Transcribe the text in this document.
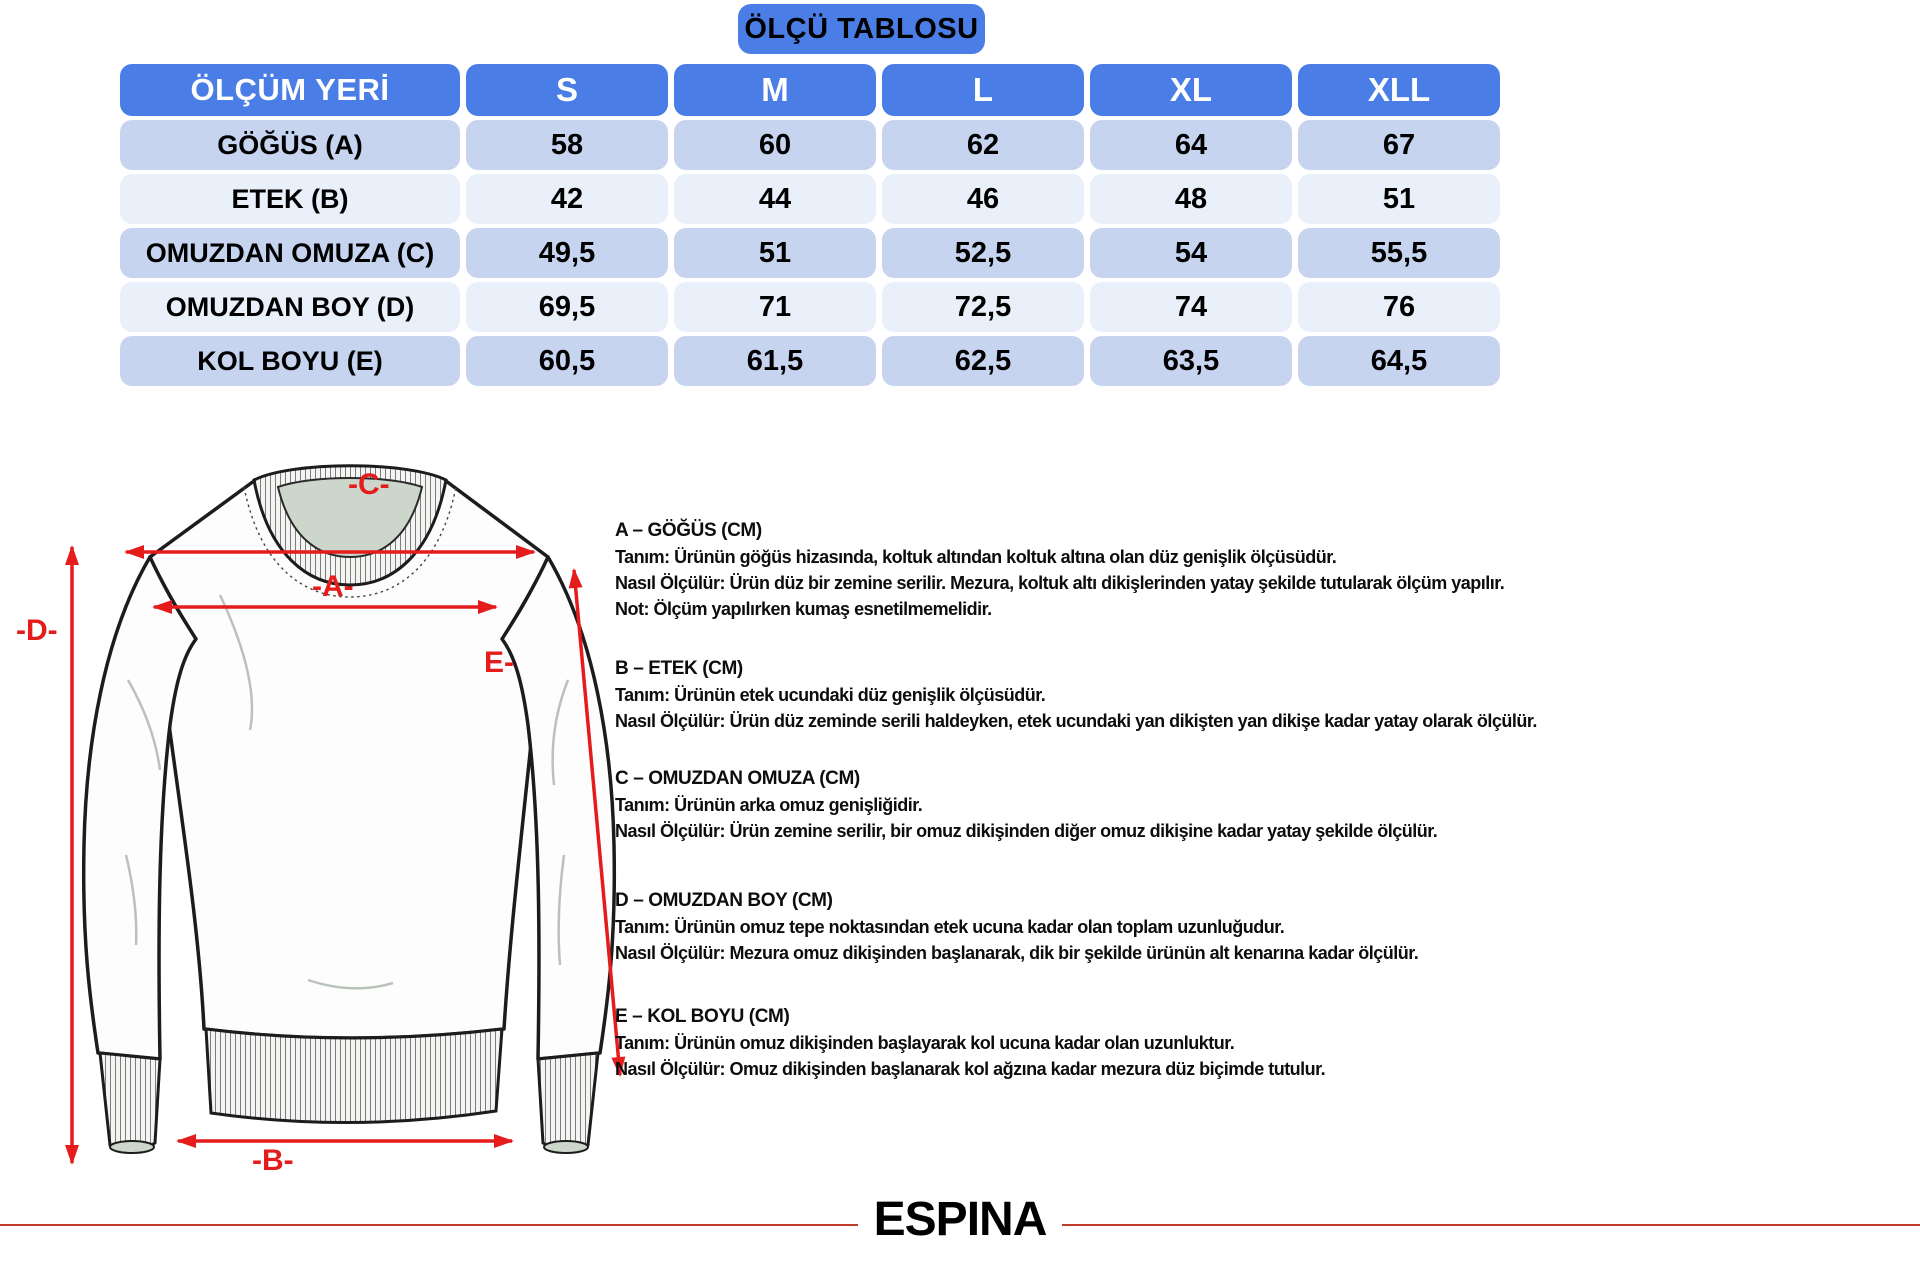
ÖLÇÜ TABLOSU
ÖLÇÜM YERİ	S	M	L	XL	XLL
GÖĞÜS (A)	58	60	62	64	67
ETEK (B)	42	44	46	48	51
OMUZDAN OMUZA (C)	49,5	51	52,5	54	55,5
OMUZDAN BOY (D)	69,5	71	72,5	74	76
KOL BOYU (E)	60,5	61,5	62,5	63,5	64,5
-C-
-A-
-D-
E-
-B-
A – GÖĞÜS (CM)
Tanım: Ürünün göğüs hizasında, koltuk altından koltuk altına olan düz genişlik ölçüsüdür.
Nasıl Ölçülür: Ürün düz bir zemine serilir. Mezura, koltuk altı dikişlerinden yatay şekilde tutularak ölçüm yapılır.
Not: Ölçüm yapılırken kumaş esnetilmemelidir.
B – ETEK (CM)
Tanım: Ürünün etek ucundaki düz genişlik ölçüsüdür.
Nasıl Ölçülür: Ürün düz zeminde serili haldeyken, etek ucundaki yan dikişten yan dikişe kadar yatay olarak ölçülür.
C – OMUZDAN OMUZA (CM)
Tanım: Ürünün arka omuz genişliğidir.
Nasıl Ölçülür: Ürün zemine serilir, bir omuz dikişinden diğer omuz dikişine kadar yatay şekilde ölçülür.
D – OMUZDAN BOY (CM)
Tanım: Ürünün omuz tepe noktasından etek ucuna kadar olan toplam uzunluğudur.
Nasıl Ölçülür: Mezura omuz dikişinden başlanarak, dik bir şekilde ürünün alt kenarına kadar ölçülür.
E – KOL BOYU (CM)
Tanım: Ürünün omuz dikişinden başlayarak kol ucuna kadar olan uzunluktur.
Nasıl Ölçülür: Omuz dikişinden başlanarak kol ağzına kadar mezura düz biçimde tutulur.
ESPINA
